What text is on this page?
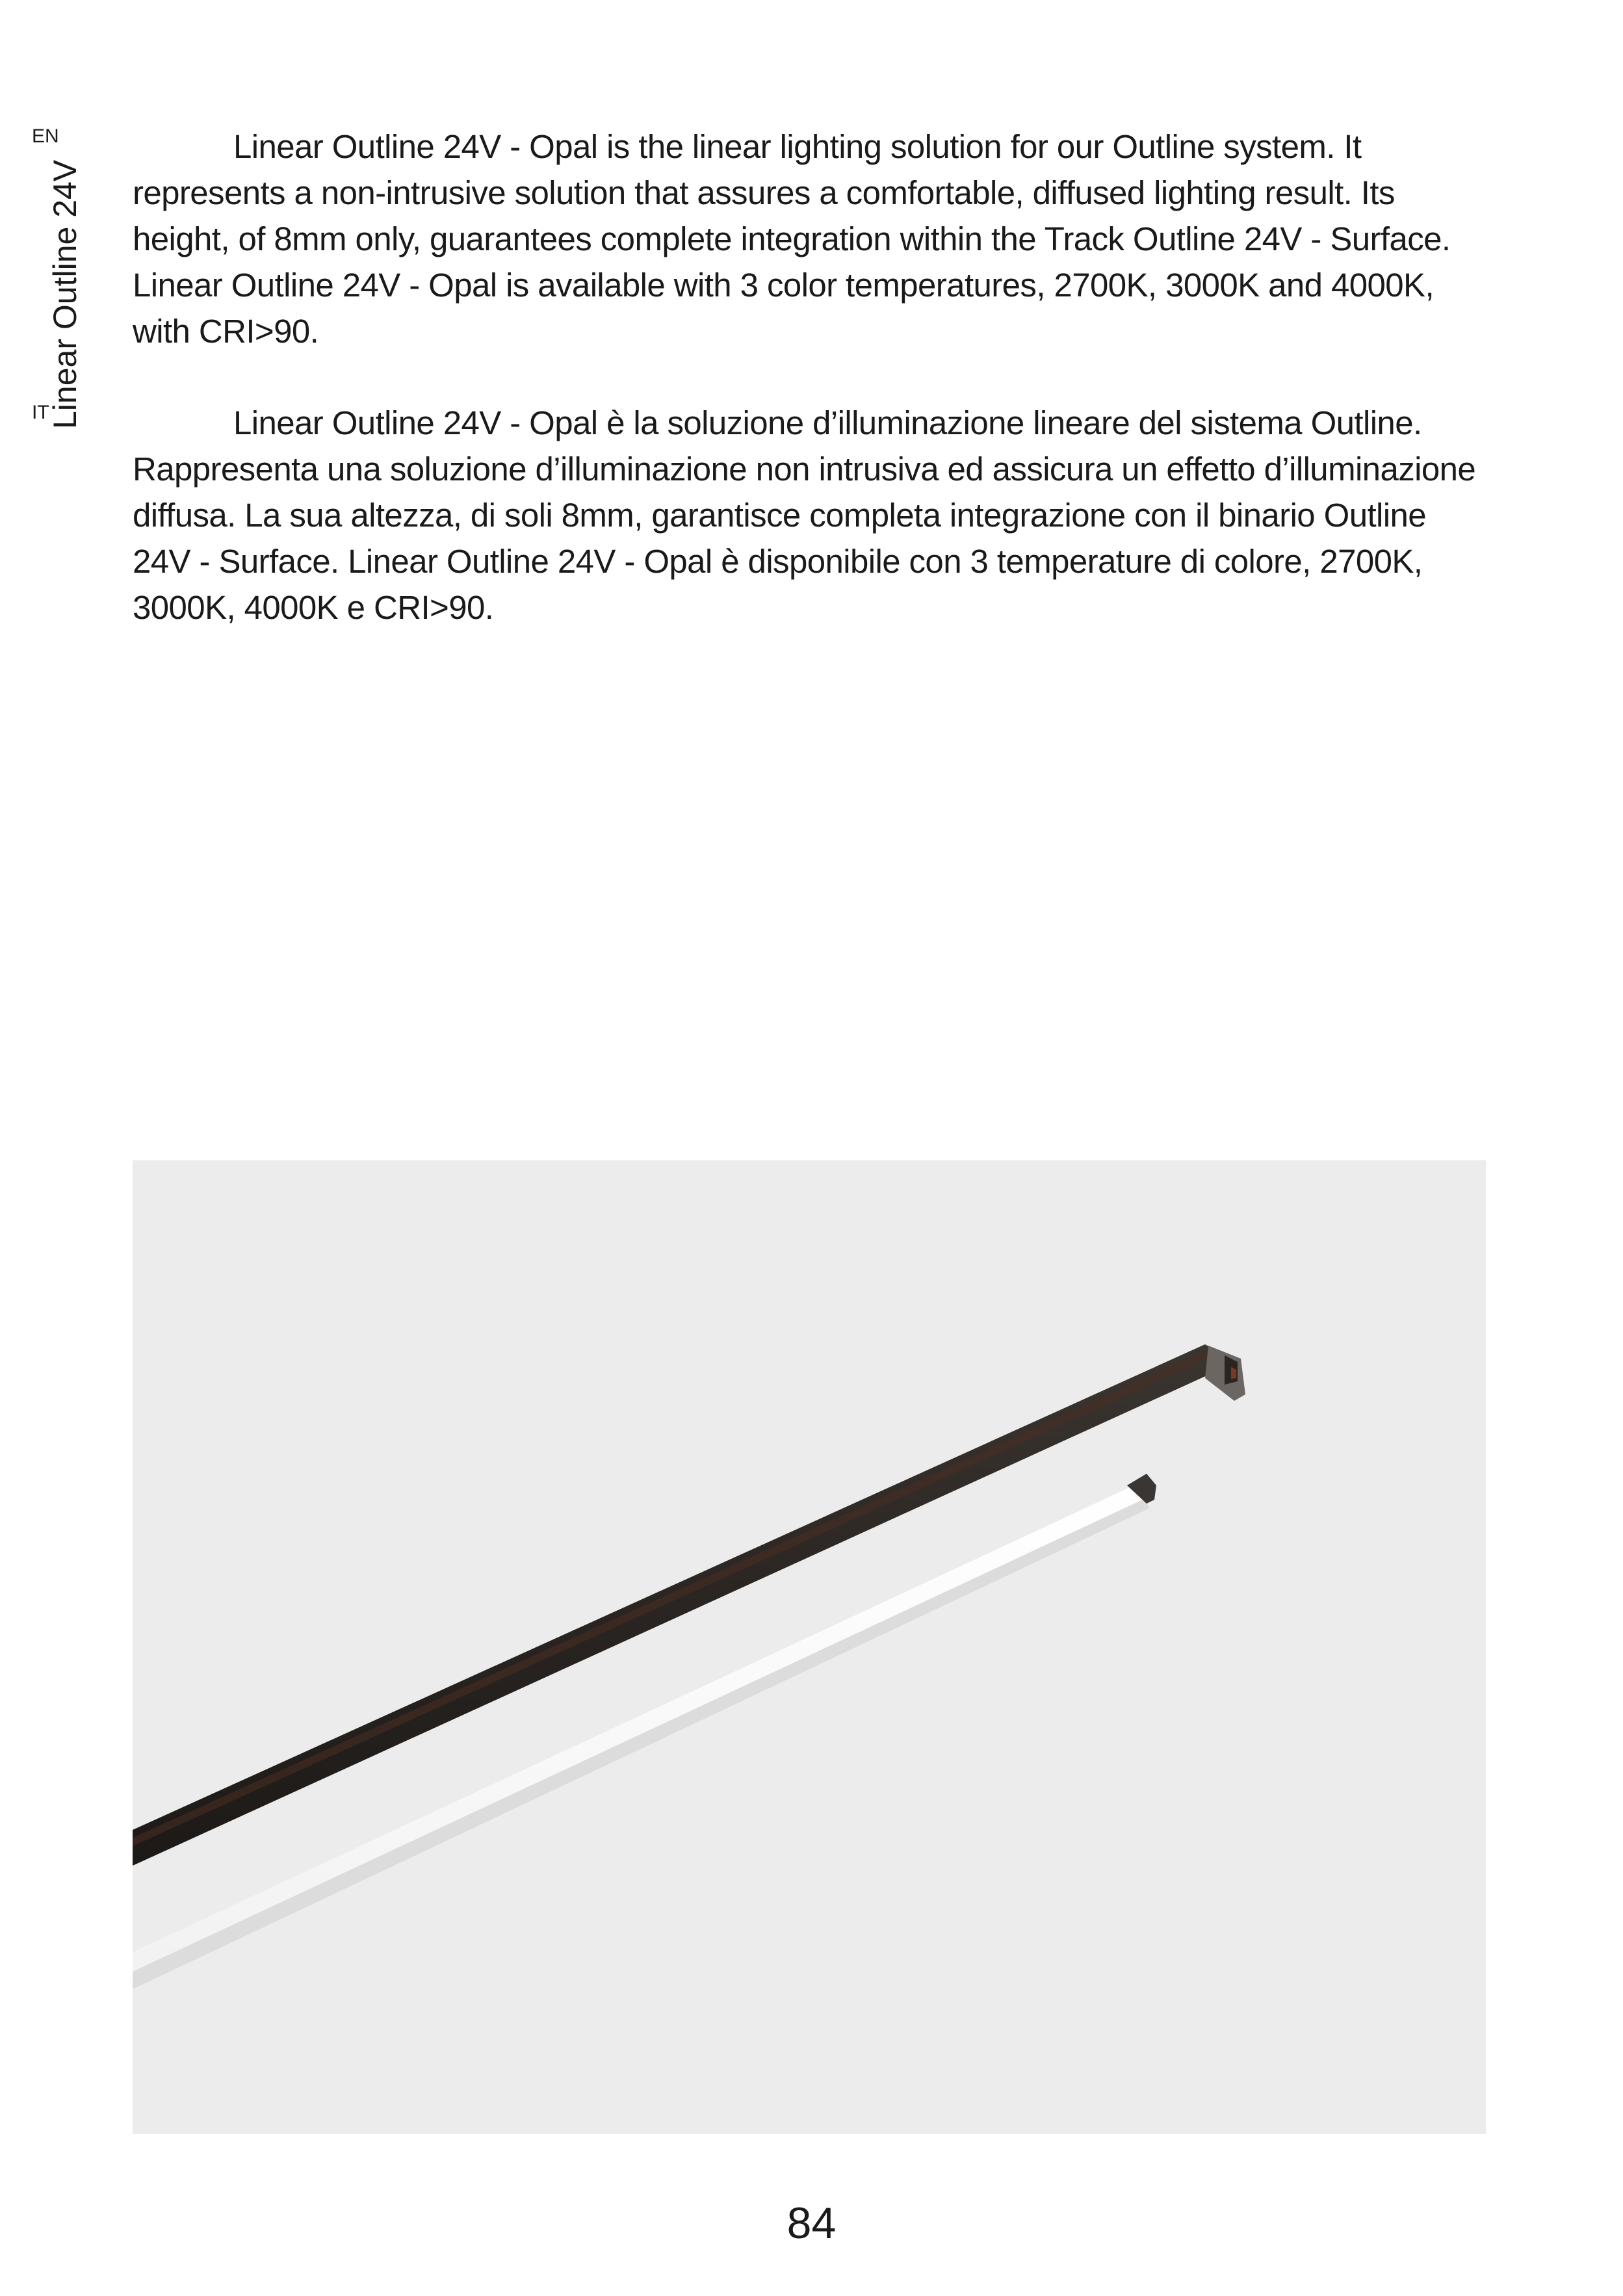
Linear Outline 24V

EN	Linear Outline 24V - Opal is the linear lighting solution for our Outline system. It represents a non-intrusive solution that assures a comfortable, diffused lighting result. Its height, of 8mm only, guarantees complete integration within the Track Outline 24V - Surface. Linear Outline 24V - Opal is available with 3 color temperatures, 2700K, 3000K and 4000K, with CRI>90.

IT	Linear Outline 24V - Opal è la soluzione d’illuminazione lineare del sistema Outline. Rappresenta una soluzione d’illuminazione non intrusiva ed assicura un effetto d’illuminazione diffusa. La sua altezza, di soli 8mm, garantisce completa integrazione con il binario Outline 24V - Surface. Linear Outline 24V - Opal è disponibile con 3 temperature di colore, 2700K, 3000K, 4000K e CRI>90.

84
